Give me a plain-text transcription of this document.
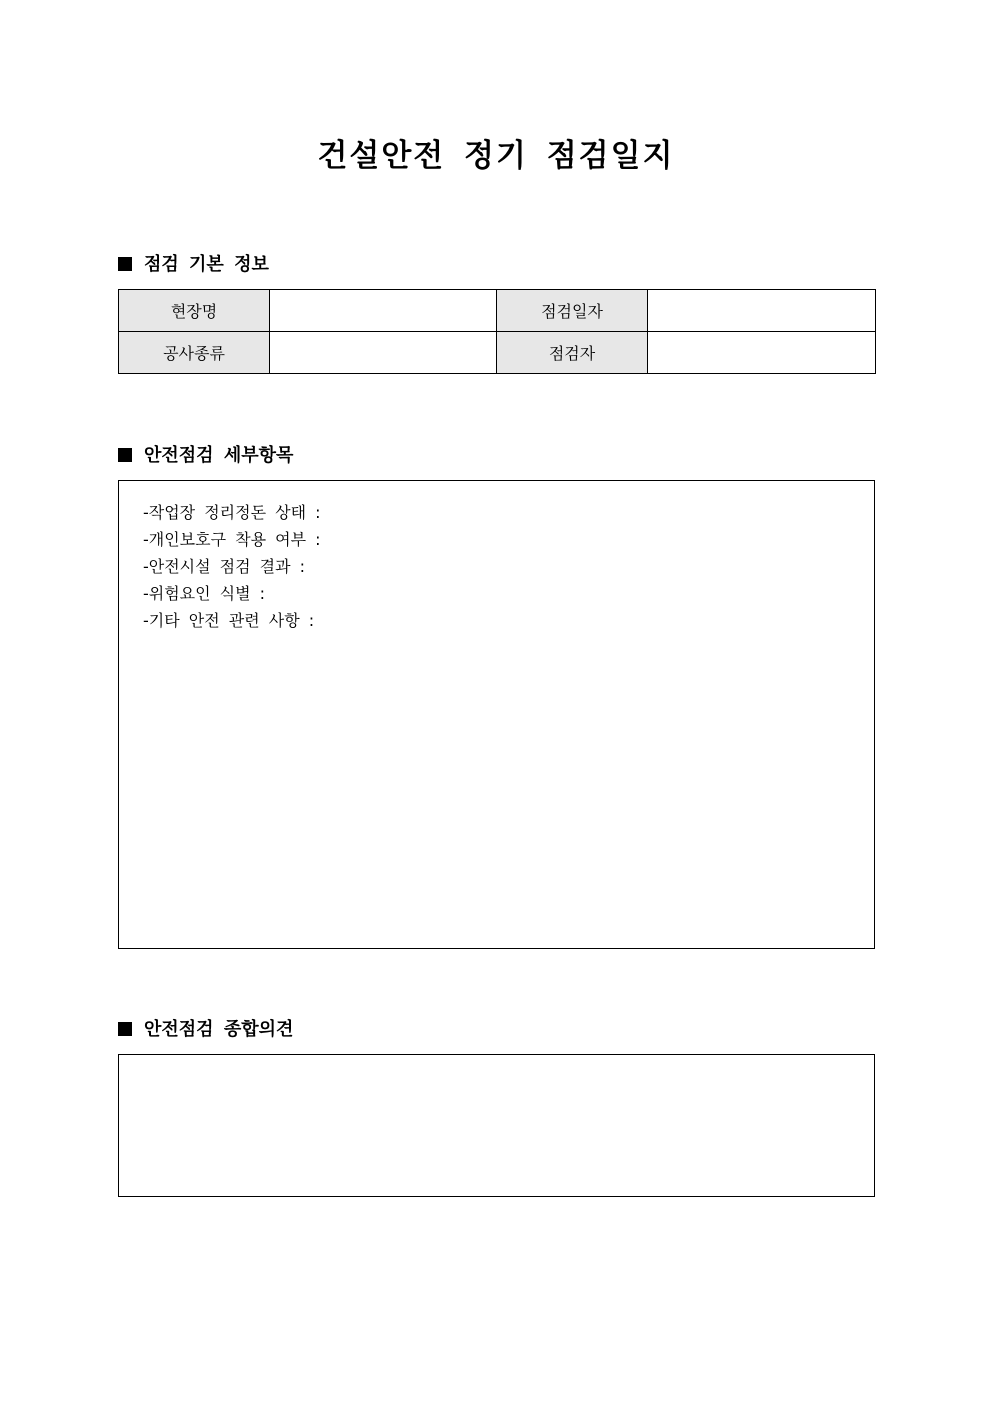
건설안전 정기 점검일지
점검 기본 정보
현장명		점검일자	
공사종류		점검자	
안전점검 세부항목
-작업장 정리정돈 상태 :
-개인보호구 착용 여부 :
-안전시설 점검 결과 :
-위험요인 식별 :
-기타 안전 관련 사항 :
안전점검 종합의견
